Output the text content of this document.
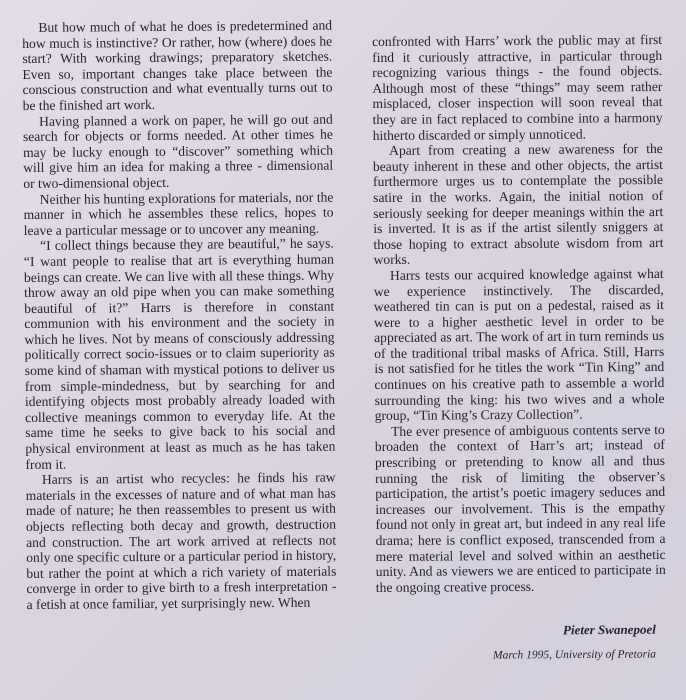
But how much of what he does is predetermined and how much is instinctive? Or rather, how (where) does he start? With working drawings; preparatory sketches. Even so, important changes take place between the conscious construction and what eventually turns out to be the finished art work.

Having planned a work on paper, he will go out and search for objects or forms needed. At other times he may be lucky enough to “discover” something which will give him an idea for making a three - dimensional or two-dimensional object.

Neither his hunting explorations for materials, nor the manner in which he assembles these relics, hopes to leave a particular message or to uncover any meaning.

“I collect things because they are beautiful,” he says. “I want people to realise that art is everything human beings can create. We can live with all these things. Why throw away an old pipe when you can make something beautiful of it?” Harrs is therefore in constant communion with his environment and the society in which he lives. Not by means of consciously addressing politically correct socio-issues or to claim superiority as some kind of shaman with mystical potions to deliver us from simple-mindedness, but by searching for and identifying objects most probably already loaded with collective meanings common to everyday life. At the same time he seeks to give back to his social and physical environment at least as much as he has taken from it.

Harrs is an artist who recycles: he finds his raw materials in the excesses of nature and of what man has made of nature; he then reassembles to present us with objects reflecting both decay and growth, destruction and construction. The art work arrived at reflects not only one specific culture or a particular period in history, but rather the point at which a rich variety of materials converge in order to give birth to a fresh interpretation - a fetish at once familiar, yet surprisingly new. When

confronted with Harrs’ work the public may at first find it curiously attractive, in particular through recognizing various things - the found objects. Although most of these “things” may seem rather misplaced, closer inspection will soon reveal that they are in fact replaced to combine into a harmony hitherto discarded or simply unnoticed.

Apart from creating a new awareness for the beauty inherent in these and other objects, the artist furthermore urges us to contemplate the possible satire in the works. Again, the initial notion of seriously seeking for deeper meanings within the art is inverted. It is as if the artist silently sniggers at those hoping to extract absolute wisdom from art works.

Harrs tests our acquired knowledge against what we experience instinctively. The discarded, weathered tin can is put on a pedestal, raised as it were to a higher aesthetic level in order to be appreciated as art. The work of art in turn reminds us of the traditional tribal masks of Africa. Still, Harrs is not satisfied for he titles the work “Tin King” and continues on his creative path to assemble a world surrounding the king: his two wives and a whole group, “Tin King’s Crazy Collection”.

The ever presence of ambiguous contents serve to broaden the context of Harr’s art; instead of prescribing or pretending to know all and thus running the risk of limiting the observer’s participation, the artist’s poetic imagery seduces and increases our involvement. This is the empathy found not only in great art, but indeed in any real life drama; here is conflict exposed, transcended from a mere material level and solved within an aesthetic unity. And as viewers we are enticed to participate in the ongoing creative process.

Pieter Swanepoel
March 1995, University of Pretoria
